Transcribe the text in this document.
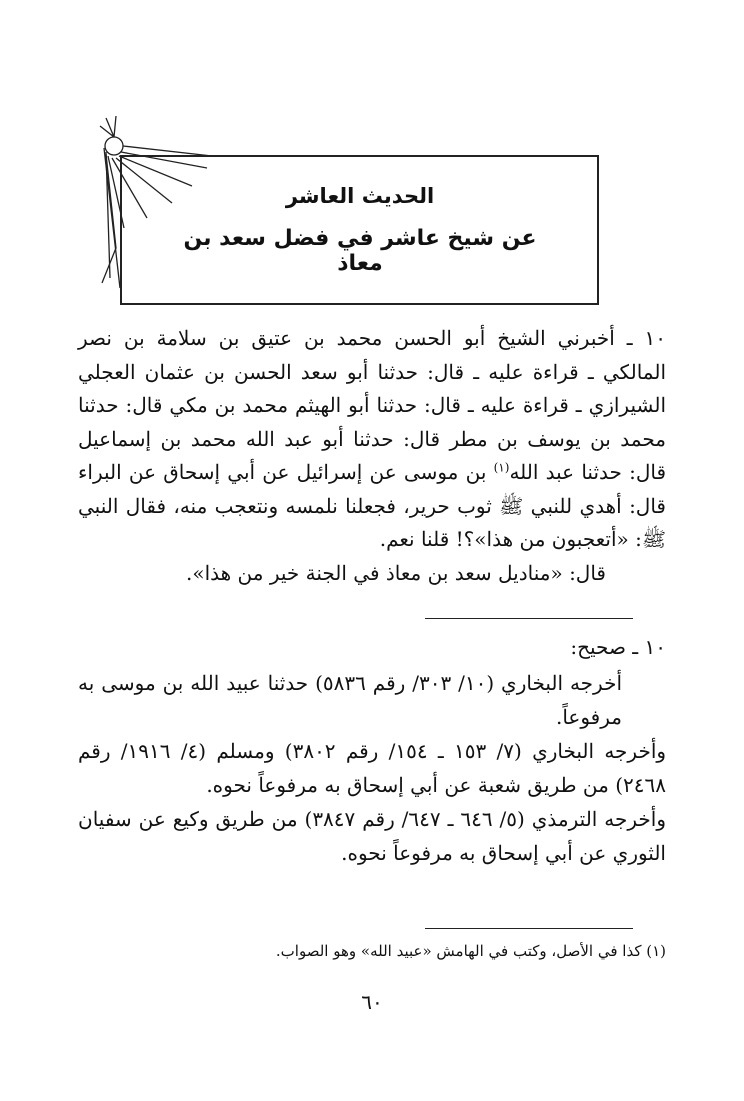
الحديث العاشر
عن شيخ عاشر في فضل سعد بن معاذ

١٠ ـ أخبرني الشيخ أبو الحسن محمد بن عتيق بن سلامة بن نصر المالكي ـ قراءة عليه ـ قال: حدثنا أبو سعد الحسن بن عثمان العجلي الشيرازي ـ قراءة عليه ـ قال: حدثنا أبو الهيثم محمد بن مكي قال: حدثنا محمد بن يوسف بن مطر قال: حدثنا أبو عبد الله محمد بن إسماعيل قال: حدثنا عبد الله$^{(١)}$ بن موسى عن إسرائيل عن أبي إسحاق عن البراء قال: أهدي للنبي ﷺ ثوب حرير، فجعلنا نلمسه ونتعجب منه، فقال النبي ﷺ: «أتعجبون من هذا»؟! قلنا نعم.

قال: «مناديل سعد بن معاذ في الجنة خير من هذا».

١٠ ـ صحيح:

أخرجه البخاري (١٠/ ٣٠٣/ رقم ٥٨٣٦) حدثنا عبيد الله بن موسى به مرفوعاً.

وأخرجه البخاري (٧/ ١٥٣ ـ ١٥٤/ رقم ٣٨٠٢) ومسلم (٤/ ١٩١٦/ رقم ٢٤٦٨) من طريق شعبة عن أبي إسحاق به مرفوعاً نحوه.

وأخرجه الترمذي (٥/ ٦٤٦ ـ ٦٤٧/ رقم ٣٨٤٧) من طريق وكيع عن سفيان الثوري عن أبي إسحاق به مرفوعاً نحوه.

(١) كذا في الأصل، وكتب في الهامش «عبيد الله» وهو الصواب.
٦٠
